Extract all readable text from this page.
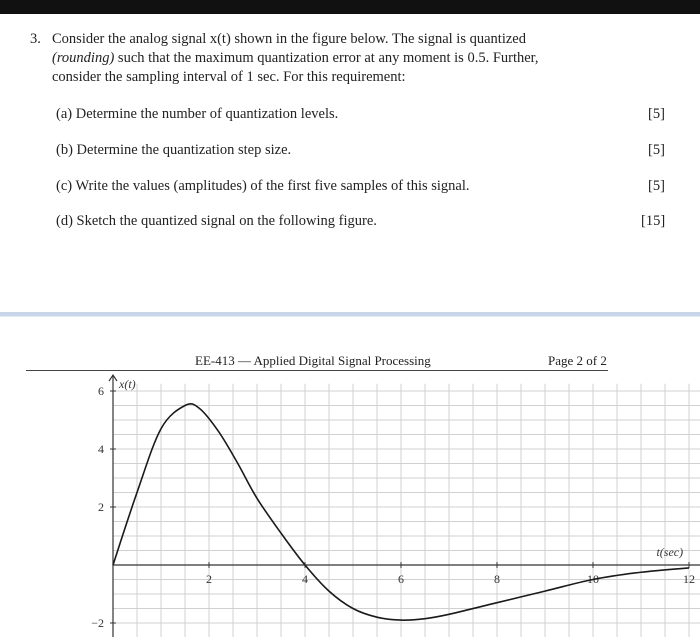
3. Consider the analog signal x(t) shown in the figure below. The signal is quantized
(rounding) such that the maximum quantization error at any moment is 0.5. Further,
consider the sampling interval of 1 sec. For this requirement:
(a) Determine the number of quantization levels.	[5]
(b) Determine the quantization step size.	[5]
(c) Write the values (amplitudes) of the first five samples of this signal.	[5]
(d) Sketch the quantized signal on the following figure.	[15]
EE-413 — Applied Digital Signal Processing	Page 2 of 2
6
4
2
−2
2	4	6	8	10	12
x(t)
t(sec)
